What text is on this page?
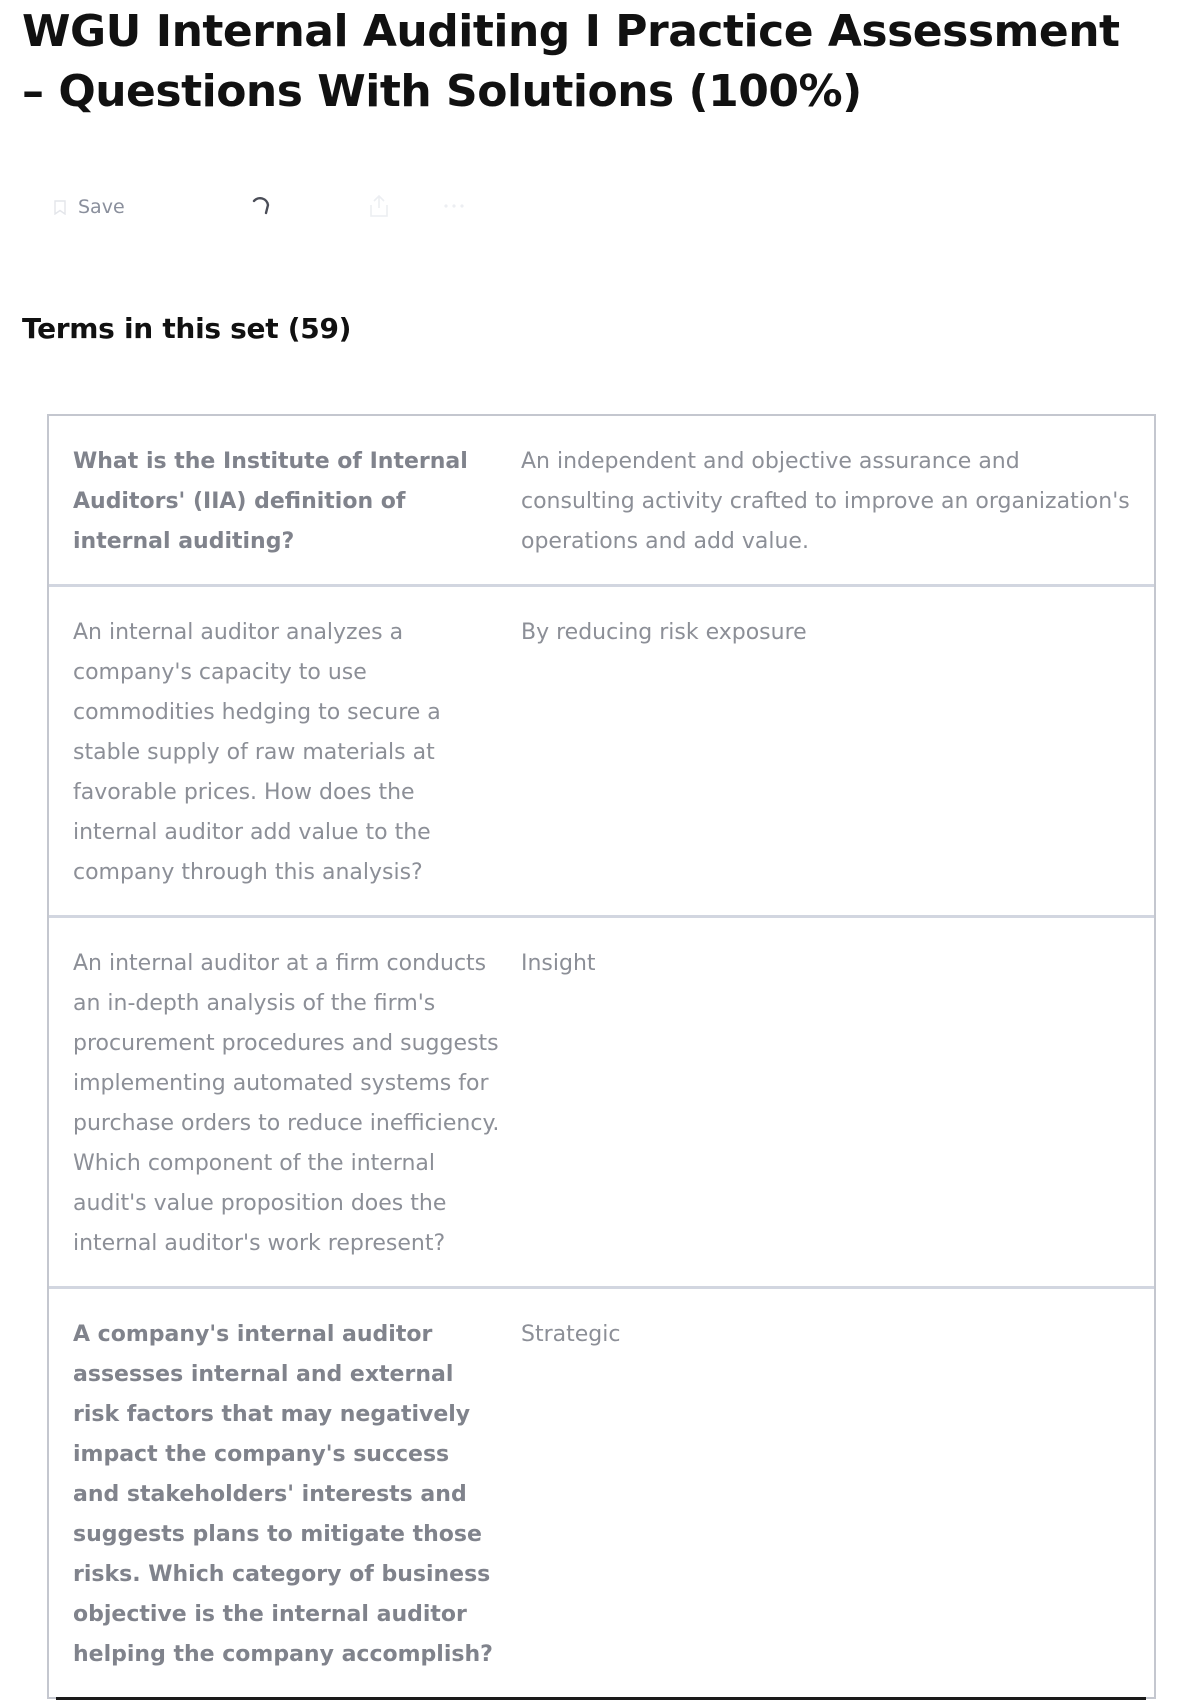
WGU Internal Auditing I Practice Assessment – Questions With Solutions (100%)
Save
Terms in this set (59)
What is the Institute of Internal Auditors' (IIA) definition of internal auditing?
An independent and objective assurance and consulting activity crafted to improve an organization's operations and add value.
An internal auditor analyzes a company's capacity to use commodities hedging to secure a stable supply of raw materials at favorable prices. How does the internal auditor add value to the company through this analysis?
By reducing risk exposure
An internal auditor at a firm conducts an in-depth analysis of the firm's procurement procedures and suggests implementing automated systems for purchase orders to reduce inefficiency. Which component of the internal audit's value proposition does the internal auditor's work represent?
Insight
A company's internal auditor assesses internal and external risk factors that may negatively impact the company's success and stakeholders' interests and suggests plans to mitigate those risks. Which category of business objective is the internal auditor helping the company accomplish?
Strategic
